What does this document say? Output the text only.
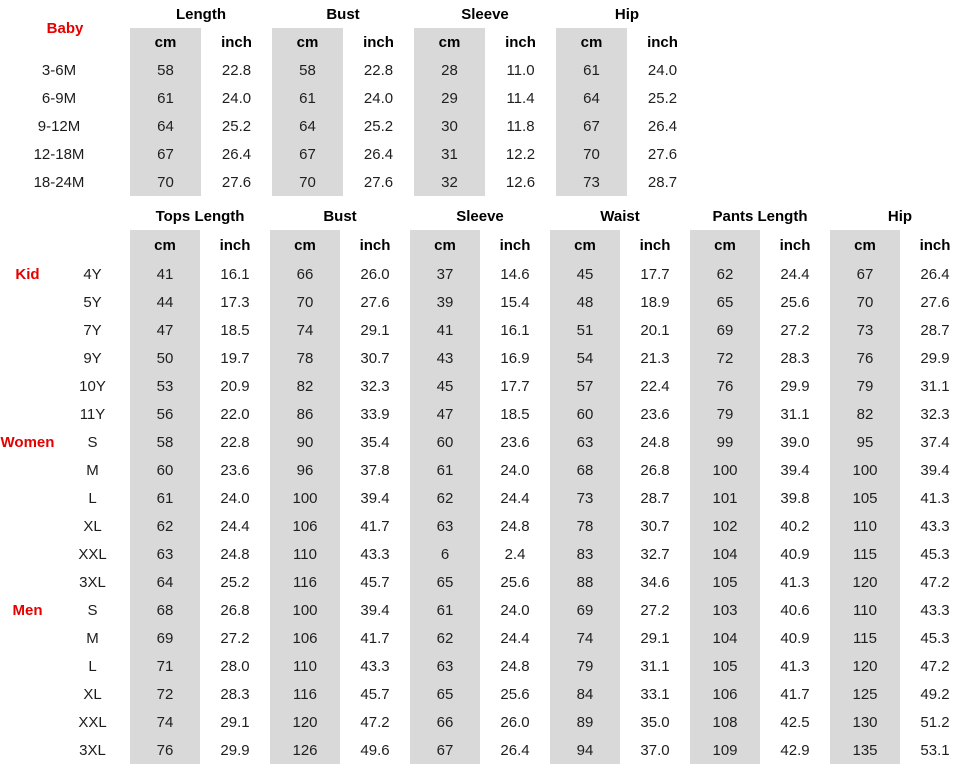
Baby	Length		Bust		Sleeve		Hip	
	cm	inch	cm	inch	cm	inch	cm	inch
3-6M	58	22.8	58	22.8	28	11.0	61	24.0
6-9M	61	24.0	61	24.0	29	11.4	64	25.2
9-12M	64	25.2	64	25.2	30	11.8	67	26.4
12-18M	67	26.4	67	26.4	31	12.2	70	27.6
18-24M	70	27.6	70	27.6	32	12.6	73	28.7
		Tops Length		Bust		Sleeve		Waist		Pants Length		Hip	
		cm	inch	cm	inch	cm	inch	cm	inch	cm	inch	cm	inch
Kid	4Y	41	16.1	66	26.0	37	14.6	45	17.7	62	24.4	67	26.4
	5Y	44	17.3	70	27.6	39	15.4	48	18.9	65	25.6	70	27.6
	7Y	47	18.5	74	29.1	41	16.1	51	20.1	69	27.2	73	28.7
	9Y	50	19.7	78	30.7	43	16.9	54	21.3	72	28.3	76	29.9
	10Y	53	20.9	82	32.3	45	17.7	57	22.4	76	29.9	79	31.1
	11Y	56	22.0	86	33.9	47	18.5	60	23.6	79	31.1	82	32.3
Women	S	58	22.8	90	35.4	60	23.6	63	24.8	99	39.0	95	37.4
	M	60	23.6	96	37.8	61	24.0	68	26.8	100	39.4	100	39.4
	L	61	24.0	100	39.4	62	24.4	73	28.7	101	39.8	105	41.3
	XL	62	24.4	106	41.7	63	24.8	78	30.7	102	40.2	110	43.3
	XXL	63	24.8	110	43.3	6	2.4	83	32.7	104	40.9	115	45.3
	3XL	64	25.2	116	45.7	65	25.6	88	34.6	105	41.3	120	47.2
Men	S	68	26.8	100	39.4	61	24.0	69	27.2	103	40.6	110	43.3
	M	69	27.2	106	41.7	62	24.4	74	29.1	104	40.9	115	45.3
	L	71	28.0	110	43.3	63	24.8	79	31.1	105	41.3	120	47.2
	XL	72	28.3	116	45.7	65	25.6	84	33.1	106	41.7	125	49.2
	XXL	74	29.1	120	47.2	66	26.0	89	35.0	108	42.5	130	51.2
	3XL	76	29.9	126	49.6	67	26.4	94	37.0	109	42.9	135	53.1
